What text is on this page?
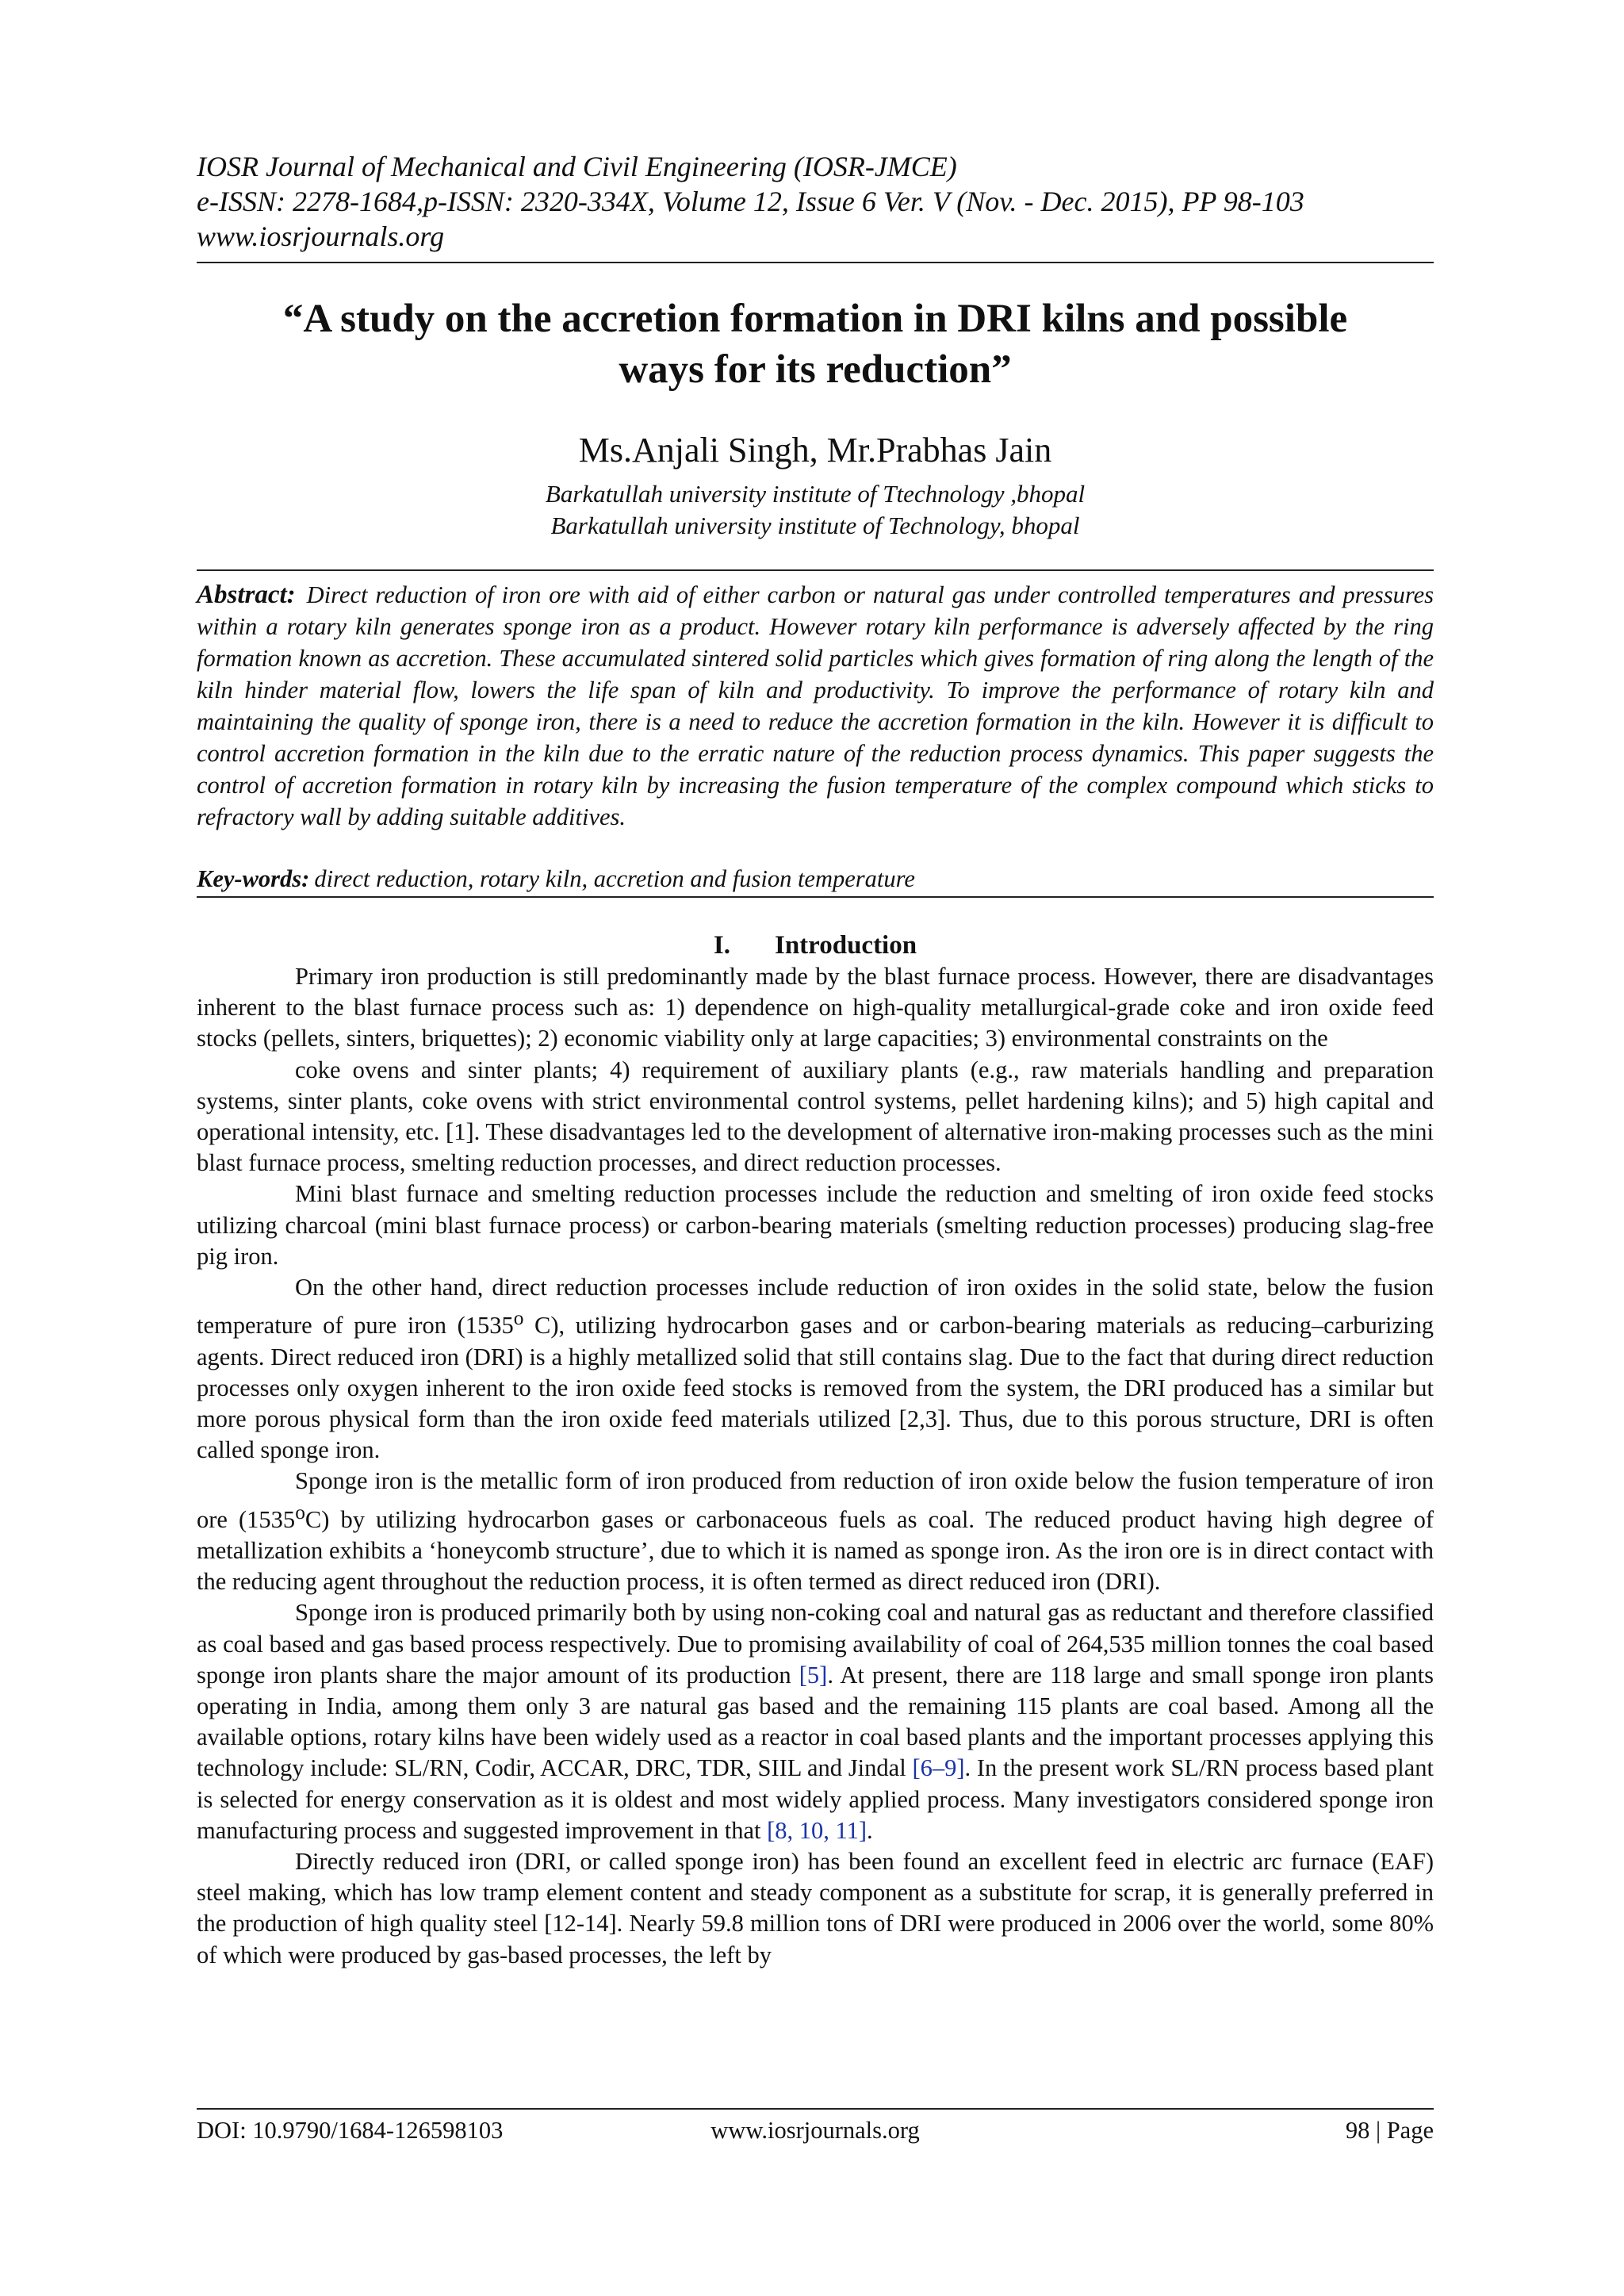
IOSR Journal of Mechanical and Civil Engineering (IOSR-JMCE)
e-ISSN: 2278-1684,p-ISSN: 2320-334X, Volume 12, Issue 6 Ver. V (Nov. - Dec. 2015), PP 98-103
www.iosrjournals.org
“A study on the accretion formation in DRI kilns and possible
ways for its reduction”
Ms.Anjali Singh, Mr.Prabhas Jain
Barkatullah university institute of Ttechnology ,bhopal
Barkatullah university institute of Technology, bhopal
Abstract: Direct reduction of iron ore with aid of either carbon or natural gas under controlled temperatures and pressures within a rotary kiln generates sponge iron as a product. However rotary kiln performance is adversely affected by the ring formation known as accretion. These accumulated sintered solid particles which gives formation of ring along the length of the kiln hinder material flow, lowers the life span of kiln and productivity. To improve the performance of rotary kiln and maintaining the quality of sponge iron, there is a need to reduce the accretion formation in the kiln. However it is difficult to control accretion formation in the kiln due to the erratic nature of the reduction process dynamics. This paper suggests the control of accretion formation in rotary kiln by increasing the fusion temperature of the complex compound which sticks to refractory wall by adding suitable additives.
Key-words: direct reduction, rotary kiln, accretion and fusion temperature
I. Introduction

Primary iron production is still predominantly made by the blast furnace process. However, there are disadvantages inherent to the blast furnace process such as: 1) dependence on high-quality metallurgical-grade coke and iron oxide feed stocks (pellets, sinters, briquettes); 2) economic viability only at large capacities; 3) environmental constraints on the

coke ovens and sinter plants; 4) requirement of auxiliary plants (e.g., raw materials handling and preparation systems, sinter plants, coke ovens with strict environmental control systems, pellet hardening kilns); and 5) high capital and operational intensity, etc. [1]. These disadvantages led to the development of alternative iron-making processes such as the mini blast furnace process, smelting reduction processes, and direct reduction processes.

Mini blast furnace and smelting reduction processes include the reduction and smelting of iron oxide feed stocks utilizing charcoal (mini blast furnace process) or carbon-bearing materials (smelting reduction processes) producing slag-free pig iron.

On the other hand, direct reduction processes include reduction of iron oxides in the solid state, below the fusion temperature of pure iron (1535$^o$ C), utilizing hydrocarbon gases and or carbon-bearing materials as reducing–carburizing agents. Direct reduced iron (DRI) is a highly metallized solid that still contains slag. Due to the fact that during direct reduction processes only oxygen inherent to the iron oxide feed stocks is removed from the system, the DRI produced has a similar but more porous physical form than the iron oxide feed materials utilized [2,3]. Thus, due to this porous structure, DRI is often called sponge iron.

Sponge iron is the metallic form of iron produced from reduction of iron oxide below the fusion temperature of iron ore (1535$^o$C) by utilizing hydrocarbon gases or carbonaceous fuels as coal. The reduced product having high degree of metallization exhibits a ‘honeycomb structure’, due to which it is named as sponge iron. As the iron ore is in direct contact with the reducing agent throughout the reduction process, it is often termed as direct reduced iron (DRI).

Sponge iron is produced primarily both by using non-coking coal and natural gas as reductant and therefore classified as coal based and gas based process respectively. Due to promising availability of coal of 264,535 million tonnes the coal based sponge iron plants share the major amount of its production [5]. At present, there are 118 large and small sponge iron plants operating in India, among them only 3 are natural gas based and the remaining 115 plants are coal based. Among all the available options, rotary kilns have been widely used as a reactor in coal based plants and the important processes applying this technology include: SL/RN, Codir, ACCAR, DRC, TDR, SIIL and Jindal [6–9]. In the present work SL/RN process based plant is selected for energy conservation as it is oldest and most widely applied process. Many investigators considered sponge iron manufacturing process and suggested improvement in that [8, 10, 11].

Directly reduced iron (DRI, or called sponge iron) has been found an excellent feed in electric arc furnace (EAF) steel making, which has low tramp element content and steady component as a substitute for scrap, it is generally preferred in the production of high quality steel [12-14]. Nearly 59.8 million tons of DRI were produced in 2006 over the world, some 80% of which were produced by gas-based processes, the left by

DOI: 10.9790/1684-126598103	www.iosrjournals.org	98 | Page
